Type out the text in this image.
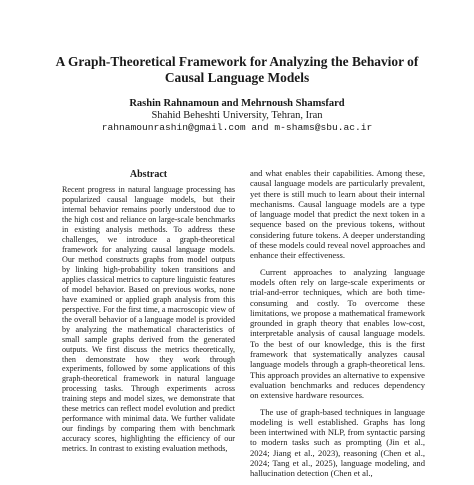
A Graph-Theoretical Framework for Analyzing the Behavior of Causal Language Models
Rashin Rahnamoun and Mehrnoush Shamsfard
Shahid Beheshti University, Tehran, Iran
rahnamounrashin@gmail.com and m-shams@sbu.ac.ir
Abstract

Recent progress in natural language processing has popularized causal language models, but their internal behavior remains poorly understood due to the high cost and reliance on large-scale benchmarks in existing analysis methods. To address these challenges, we introduce a graph-theoretical framework for analyzing causal language models. Our method constructs graphs from model outputs by linking high-probability token transitions and applies classical metrics to capture linguistic features of model behavior. Based on previous works, none have examined or applied graph analysis from this perspective. For the first time, a macroscopic view of the overall behavior of a language model is provided by analyzing the mathematical characteristics of small sample graphs derived from the generated outputs. We first discuss the metrics theoretically, then demonstrate how they work through experiments, followed by some applications of this graph-theoretical framework in natural language processing tasks. Through experiments across training steps and model sizes, we demonstrate that these metrics can reflect model evolution and predict performance with minimal data. We further validate our findings by comparing them with benchmark accuracy scores, highlighting the efficiency of our metrics. In contrast to existing evaluation methods,

and what enables their capabilities. Among these, causal language models are particularly prevalent, yet there is still much to learn about their internal mechanisms. Causal language models are a type of language model that predict the next token in a sequence based on the previous tokens, without considering future tokens. A deeper understanding of these models could reveal novel approaches and enhance their effectiveness.

Current approaches to analyzing language models often rely on large-scale experiments or trial-and-error techniques, which are both time-consuming and costly. To overcome these limitations, we propose a mathematical framework grounded in graph theory that enables low-cost, interpretable analysis of causal language models. To the best of our knowledge, this is the first framework that systematically analyzes causal language models through a graph-theoretical lens. This approach provides an alternative to expensive evaluation benchmarks and reduces dependency on extensive hardware resources.

The use of graph-based techniques in language modeling is well established. Graphs has long been intertwined with NLP, from syntactic parsing to modern tasks such as prompting (Jin et al., 2024; Jiang et al., 2023), reasoning (Chen et al., 2024; Tang et al., 2025), language modeling, and hallucination detection (Chen et al.,
